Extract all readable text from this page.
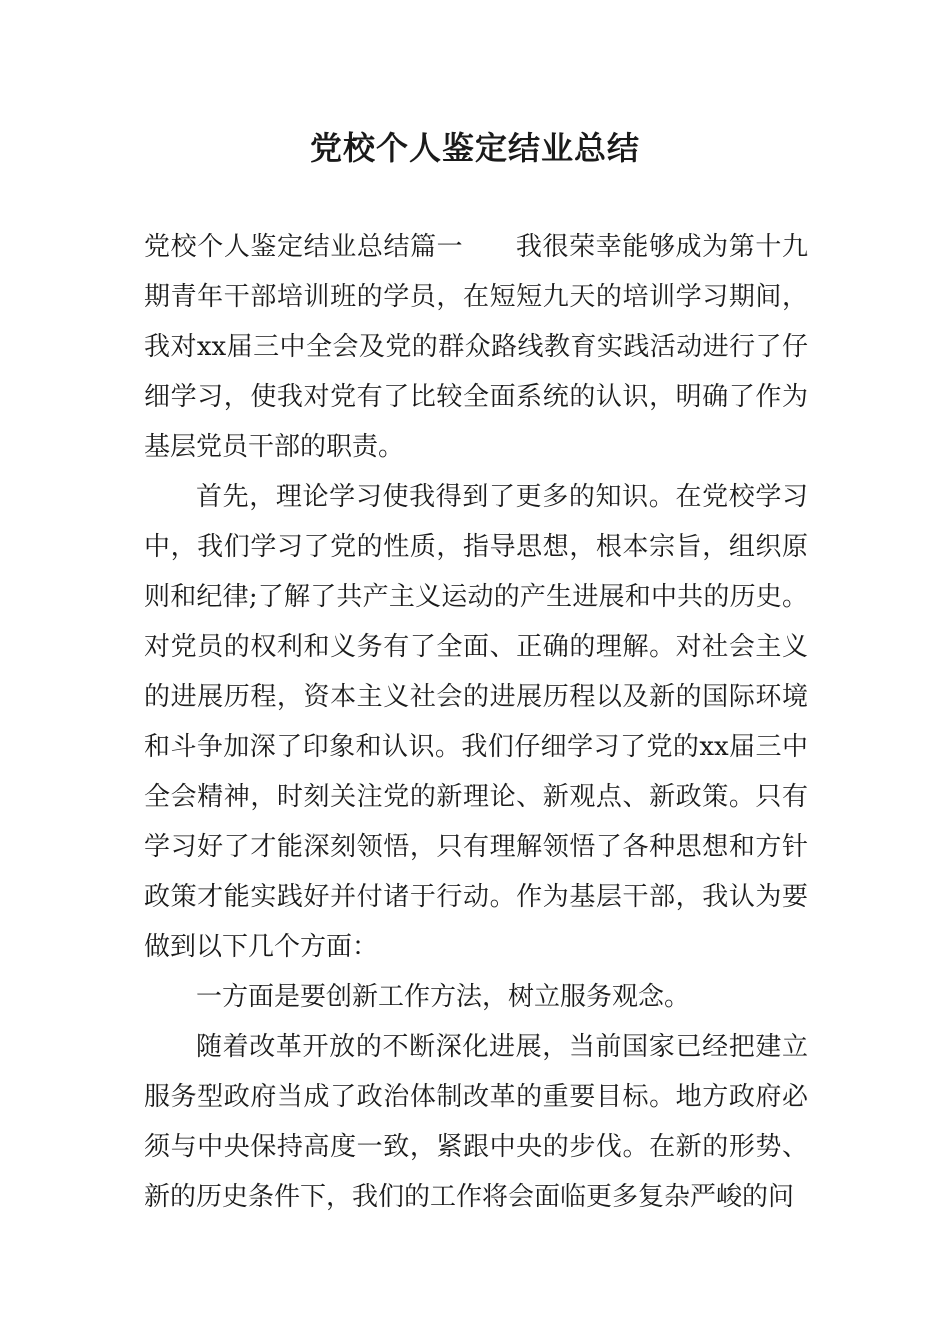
党校个人鉴定结业总结

党校个人鉴定结业总结篇一 我很荣幸能够成为第十九期青年干部培训班的学员，在短短九天的培训学习期间，我对xx届三中全会及党的群众路线教育实践活动进行了仔细学习，使我对党有了比较全面系统的认识，明确了作为基层党员干部的职责。

首先，理论学习使我得到了更多的知识。在党校学习中，我们学习了党的性质，指导思想，根本宗旨，组织原则和纪律;了解了共产主义运动的产生进展和中共的历史。对党员的权利和义务有了全面、正确的理解。对社会主义的进展历程，资本主义社会的进展历程以及新的国际环境和斗争加深了印象和认识。我们仔细学习了党的xx届三中全会精神，时刻关注党的新理论、新观点、新政策。只有学习好了才能深刻领悟，只有理解领悟了各种思想和方针政策才能实践好并付诸于行动。作为基层干部，我认为要做到以下几个方面：

一方面是要创新工作方法，树立服务观念。

随着改革开放的不断深化进展，当前国家已经把建立服务型政府当成了政治体制改革的重要目标。地方政府必须与中央保持高度一致，紧跟中央的步伐。在新的形势、新的历史条件下，我们的工作将会面临更多复杂严峻的问
